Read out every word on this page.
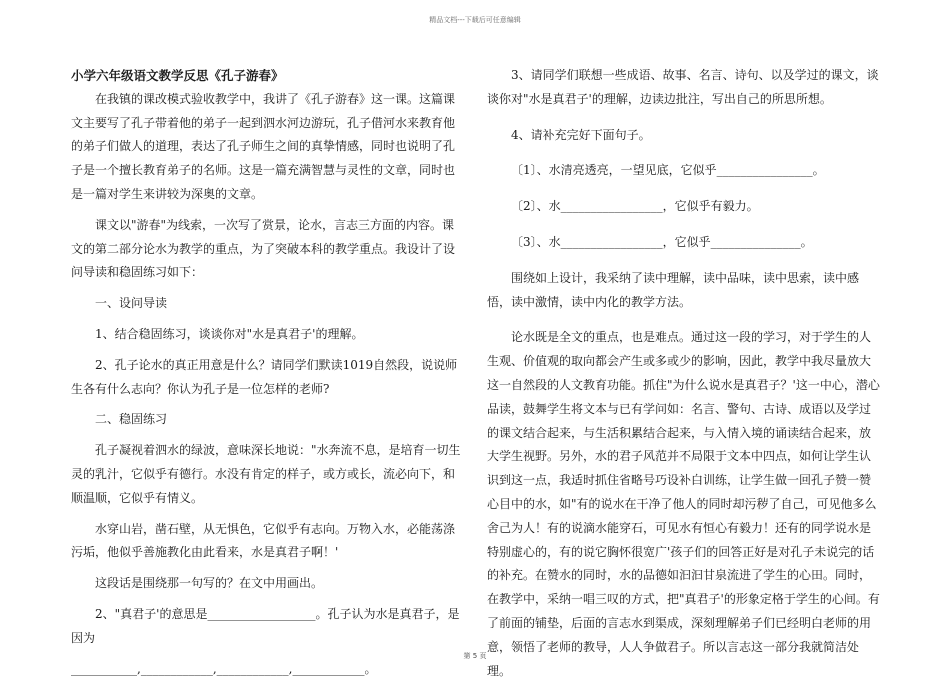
精品文档---下载后可任意编辑

小学六年级语文教学反思《孔子游春》

在我镇的课改模式验收教学中，我讲了《孔子游春》这一课。这篇课文主要写了孔子带着他的弟子一起到泗水河边游玩，孔子借河水来教育他的弟子们做人的道理，表达了孔子师生之间的真挚情感，同时也说明了孔子是一个擅长教育弟子的名师。这是一篇充满智慧与灵性的文章，同时也是一篇对学生来讲较为深奥的文章。

课文以"游春"为线索，一次写了赏景，论水，言志三方面的内容。课文的第二部分论水为教学的重点，为了突破本科的教学重点。我设计了设问导读和稳固练习如下：

一、设问导读

1、结合稳固练习，谈谈你对"水是真君子'的理解。

2、孔子论水的真正用意是什么？请同学们默读1019自然段，说说师生各有什么志向？你认为孔子是一位怎样的老师?

二、稳固练习

孔子凝视着泗水的绿波，意味深长地说："水奔流不息，是培育一切生灵的乳汁，它似乎有德行。水没有肯定的样子，或方或长，流必向下，和顺温顺，它似乎有情义。

水穿山岩，凿石壁，从无惧色，它似乎有志向。万物入水，必能荡涤污垢，他似乎善施教化由此看来，水是真君子啊！'

这段话是围绕那一句写的？在文中用画出。

2、"真君子'的意思是__________________。孔子认为水是真君子，是因为

___________,____________,____________,____________。

3、请同学们联想一些成语、故事、名言、诗句、以及学过的课文，谈谈你对"水是真君子'的理解，边读边批注，写出自己的所思所想。

4、请补充完好下面句子。

〔1〕、水清亮透亮，一望见底，它似乎________________。

〔2〕、水_________________，它似乎有毅力。

〔3〕、水_________________，它似乎_______________。

围绕如上设计，我采纳了读中理解，读中品味，读中思索，读中感悟，读中激情，读中内化的教学方法。

论水既是全文的重点，也是难点。通过这一段的学习，对于学生的人生观、价值观的取向都会产生或多或少的影响，因此，教学中我尽量放大这一自然段的人文教育功能。抓住"为什么说水是真君子？'这一中心，潜心品读，鼓舞学生将文本与已有学问如：名言、警句、古诗、成语以及学过的课文结合起来，与生活积累结合起来，与入情入境的诵读结合起来，放大学生视野。另外，水的君子风范并不局限于文本中四点，如何让学生认识到这一点，我适时抓住省略号巧设补白训练，让学生做一回孔子赞一赞心目中的水，如"有的说水在干净了他人的同时却污秽了自己，可见他多么舍己为人！有的说滴水能穿石，可见水有恒心有毅力！还有的同学说水是特别虚心的，有的说它胸怀很宽广'孩子们的回答正好是对孔子未说完的话的补充。在赞水的同时，水的品德如汩汩甘泉流进了学生的心田。同时，在教学中，采纳一唱三叹的方式，把"真君子'的形象定格于学生的心间。有了前面的铺垫，后面的言志水到渠成，深刻理解弟子们已经明白老师的用意，领悟了老师的教导，人人争做君子。所以言志这一部分我就简洁处理。

第 5 页
